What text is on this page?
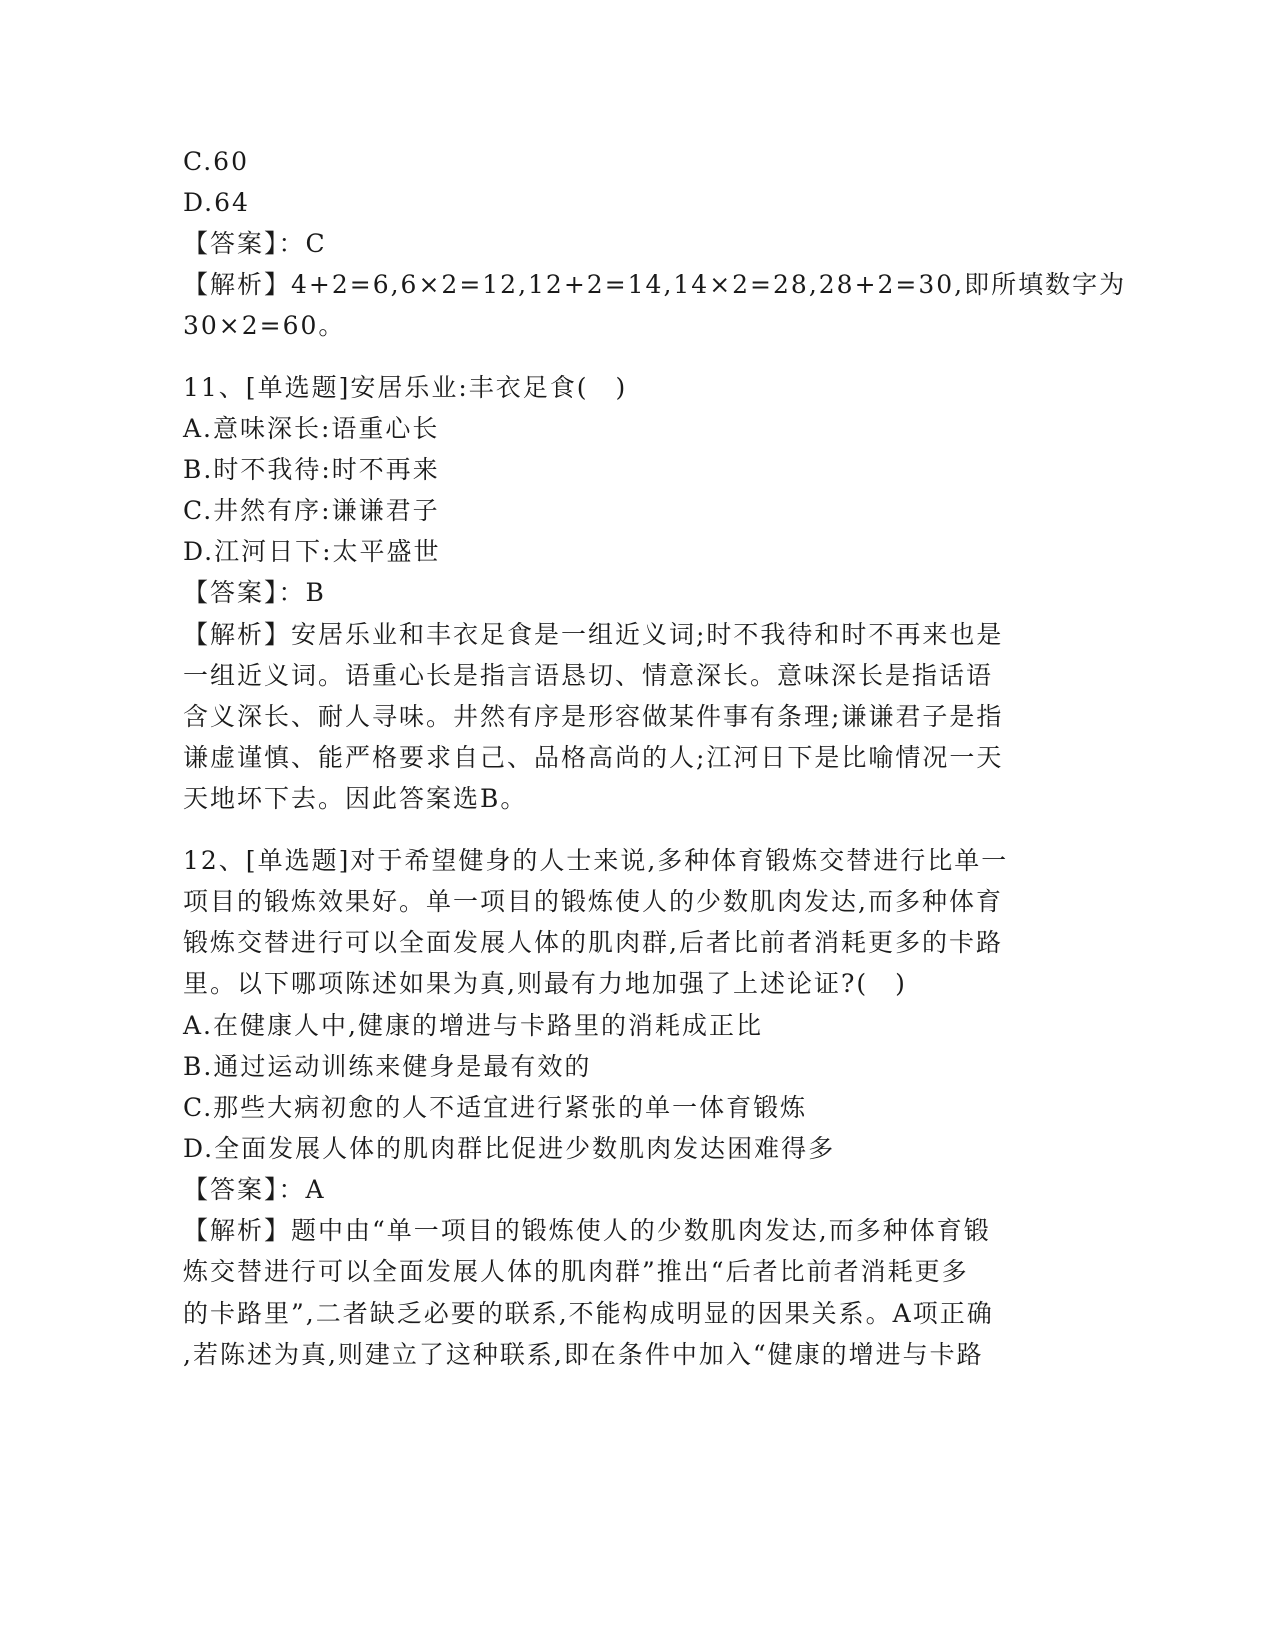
C.60
D.64
【答案】：C
【解析】4+2=6,6×2=12,12+2=14,14×2=28,28+2=30,即所填数字为
30×2=60。
11、[单选题]安居乐业:丰衣足食(　)
A.意味深长:语重心长
B.时不我待:时不再来
C.井然有序:谦谦君子
D.江河日下:太平盛世
【答案】：B
【解析】安居乐业和丰衣足食是一组近义词;时不我待和时不再来也是
一组近义词。语重心长是指言语恳切、情意深长。意味深长是指话语
含义深长、耐人寻味。井然有序是形容做某件事有条理;谦谦君子是指
谦虚谨慎、能严格要求自己、品格高尚的人;江河日下是比喻情况一天
天地坏下去。因此答案选B。
12、[单选题]对于希望健身的人士来说,多种体育锻炼交替进行比单一
项目的锻炼效果好。单一项目的锻炼使人的少数肌肉发达,而多种体育
锻炼交替进行可以全面发展人体的肌肉群,后者比前者消耗更多的卡路
里。以下哪项陈述如果为真,则最有力地加强了上述论证?(　)
A.在健康人中,健康的增进与卡路里的消耗成正比
B.通过运动训练来健身是最有效的
C.那些大病初愈的人不适宜进行紧张的单一体育锻炼
D.全面发展人体的肌肉群比促进少数肌肉发达困难得多
【答案】：A
【解析】题中由“单一项目的锻炼使人的少数肌肉发达,而多种体育锻
炼交替进行可以全面发展人体的肌肉群”推出“后者比前者消耗更多
的卡路里”,二者缺乏必要的联系,不能构成明显的因果关系。A项正确
,若陈述为真,则建立了这种联系,即在条件中加入“健康的增进与卡路
